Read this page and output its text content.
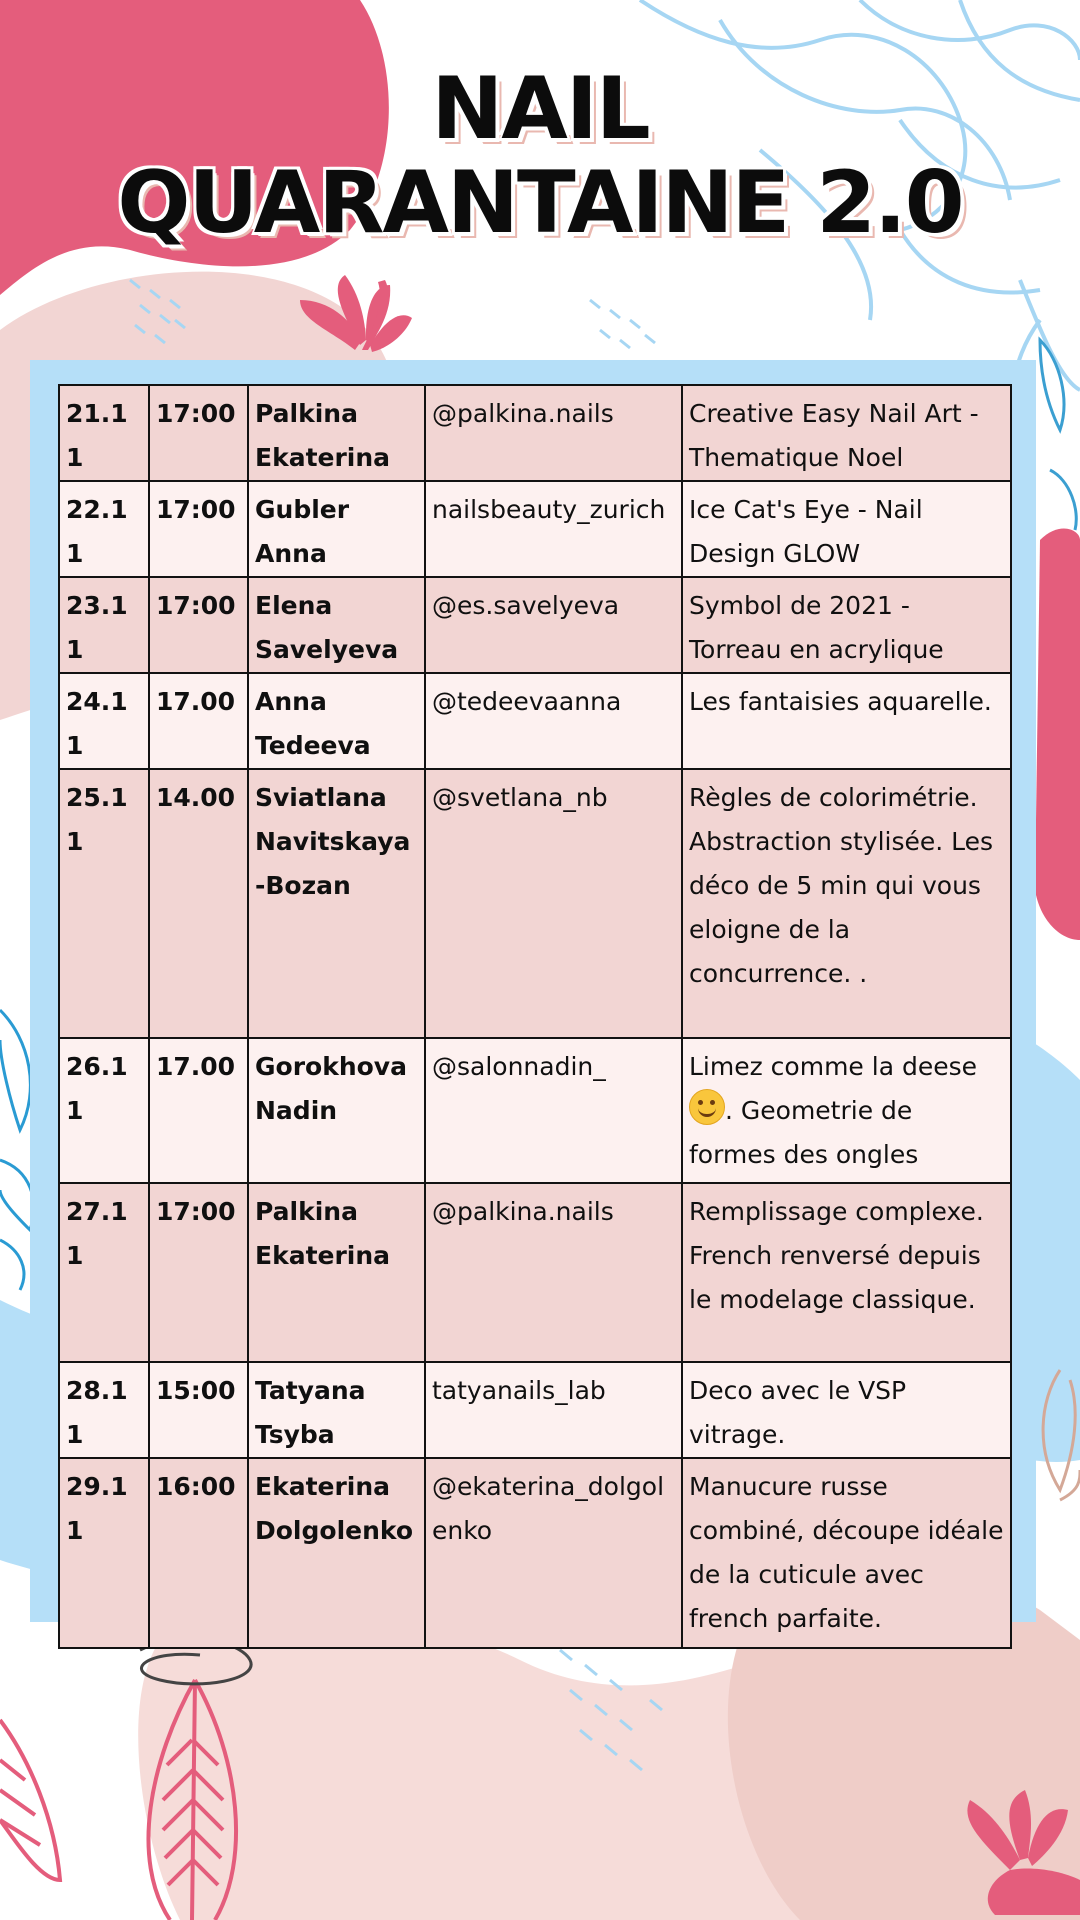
NAIL
QUARANTAINE 2.0
21.11	17:00	Palkina Ekaterina	@palkina.nails	Creative Easy Nail Art - Thematique Noel
22.11	17:00	Gubler Anna	nailsbeauty_zurich	Ice Cat's Eye - Nail Design GLOW
23.11	17:00	Elena Savelyeva	@es.savelyeva	Symbol de 2021 - Torreau en acrylique
24.11	17.00	Anna Tedeeva	@tedeevaanna	Les fantaisies aquarelle.
25.11	14.00	Sviatlana Navitskaya-Bozan	@svetlana_nb	Règles de colorimétrie. Abstraction stylisée. Les déco de 5 min qui vous eloigne de la concurrence. .
26.11	17.00	Gorokhova Nadin	@salonnadin_	Limez comme la deese . Geometrie de formes des ongles
27.11	17:00	Palkina Ekaterina	@palkina.nails	Remplissage complexe. French renversé depuis le modelage classique.
28.11	15:00	Tatyana Tsyba	tatyanails_lab	Deco avec le VSP vitrage.
29.11	16:00	Ekaterina Dolgolenko	@ekaterina_dolgolenko	Manucure russe combiné, découpe idéale de la cuticule avec french parfaite.
